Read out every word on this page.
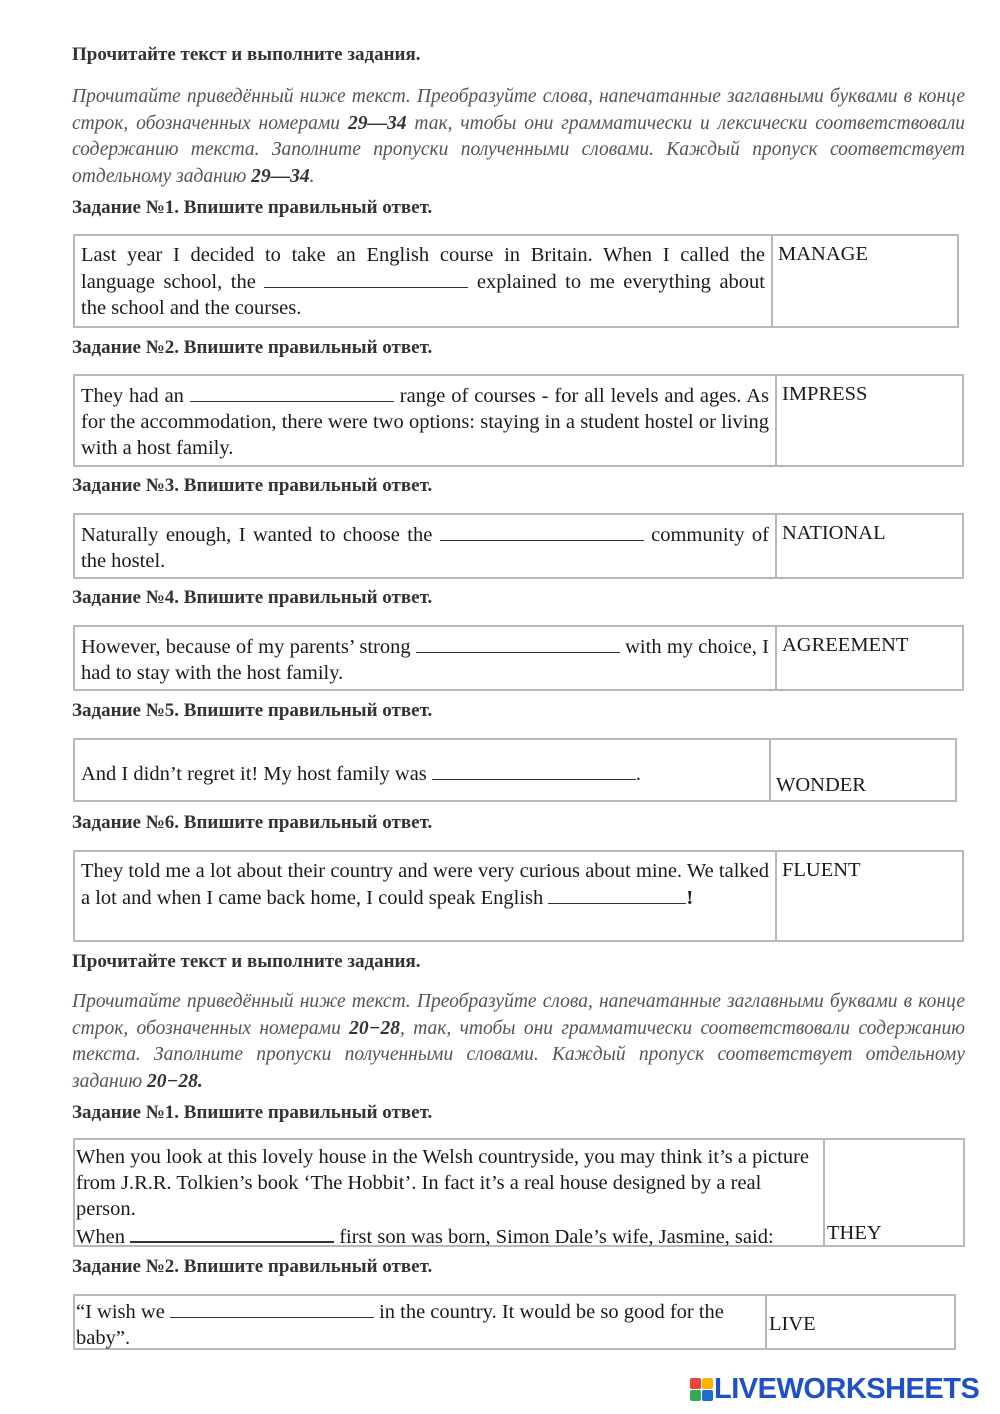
Прочитайте текст и выполните задания.
Прочитайте приведённый ниже текст. Преобразуйте слова, напечатанные заглавными буквами в конце строк, обозначенных номерами 29––34 так, чтобы они грамматически и лексически соответствовали содержанию текста. Заполните пропуски полученными словами. Каждый пропуск соответствует отдельному заданию 29––34.
Задание №1. Впишите правильный ответ.
Last year I decided to take an English course in Britain. When I called the language school, the	explained to me everything about the school and the courses.
MANAGE
Задание №2. Впишите правильный ответ.
They had an	range of courses - for all levels and ages. As for the accommodation, there were two options: staying in a student hostel or living with a host family.
IMPRESS
Задание №3. Впишите правильный ответ.
Naturally enough, I wanted to choose the	community of the hostel.
NATIONAL
Задание №4. Впишите правильный ответ.
However, because of my parents’ strong	with my choice, I had to stay with the host family.
AGREEMENT
Задание №5. Впишите правильный ответ.
And I didn’t regret it! My host family was	.	WONDER
Задание №6. Впишите правильный ответ.
They told me a lot about their country and were very curious about mine. We talked a lot and when I came back home, I could speak English	!
FLUENT
Прочитайте текст и выполните задания.
Прочитайте приведённый ниже текст. Преобразуйте слова, напечатанные заглавными буквами в конце строк, обозначенных номерами 20−28, так, чтобы они грамматически соответствовали содержанию текста. Заполните пропуски полученными словами. Каждый пропуск соответствует отдельному заданию 20−28.
Задание №1. Впишите правильный ответ.
When you look at this lovely house in the Welsh countryside, you may think it’s a picture from J.R.R. Tolkien’s book ‘The Hobbit’. In fact it’s a real house designed by a real person.
When	first son was born, Simon Dale’s wife, Jasmine, said:	THEY
Задание №2. Впишите правильный ответ.
“I wish we	in the country. It would be so good for the baby”.
LIVE
LIVEWORKSHEETS
